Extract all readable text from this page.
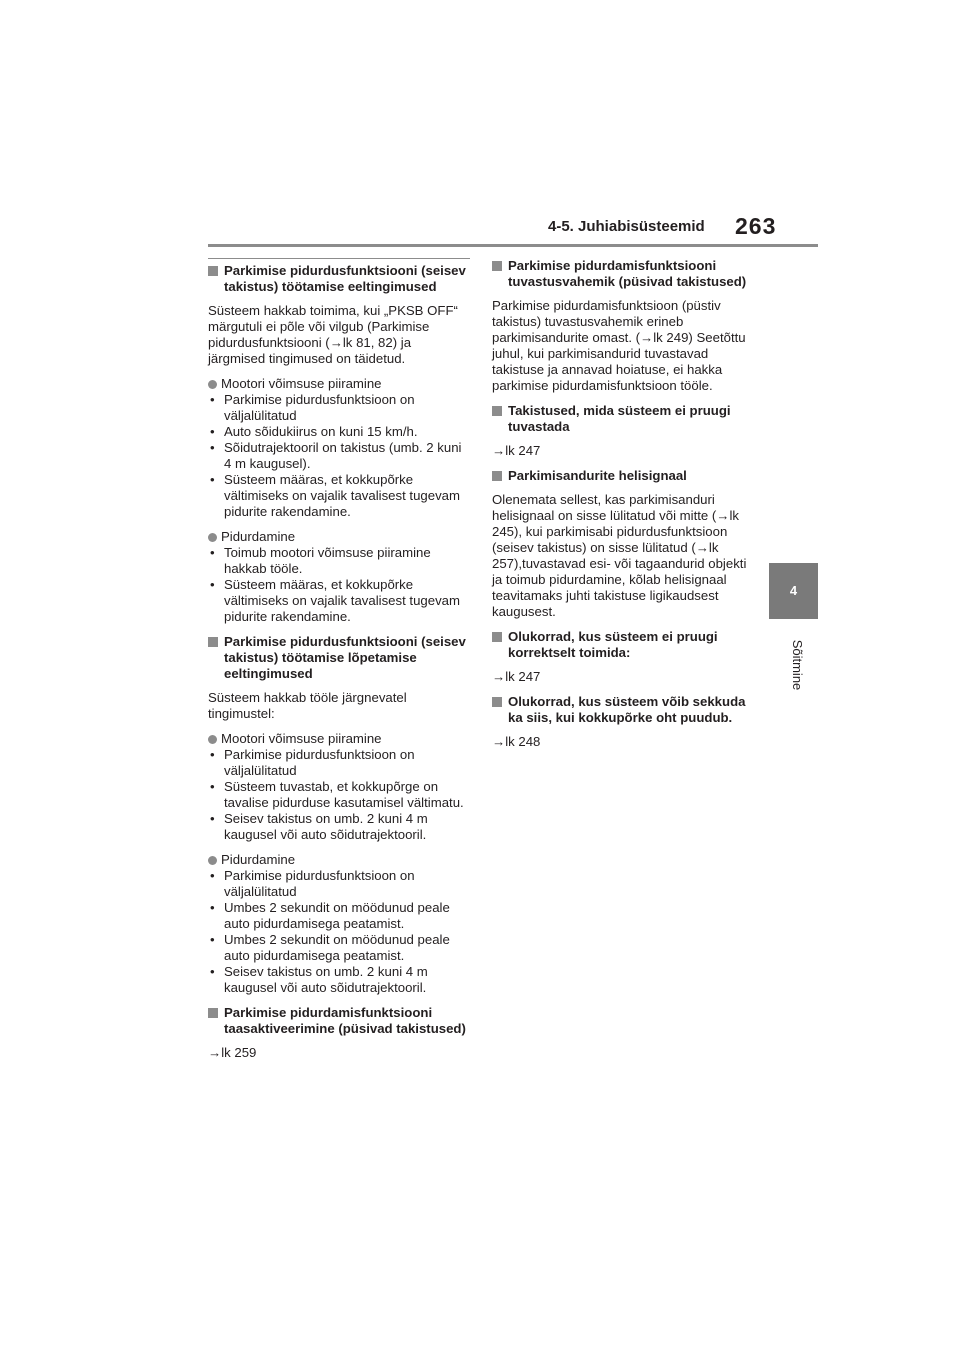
4-5. Juhiabisüsteemid 263
4
Sõitmine
Parkimise pidurdusfunktsiooni (seisev takistus) töötamise eeltingimused
Süsteem hakkab toimima, kui „PKSB OFF“ märgutuli ei põle või vilgub (Parkimise pidurdusfunktsiooni (→lk 81, 82) ja järgmised tingimused on täidetud.
Mootori võimsuse piiramine
• Parkimise pidurdusfunktsioon on väljalülitatud
• Auto sõidukiirus on kuni 15 km/h.
• Sõidutrajektooril on takistus (umb. 2 kuni 4 m kaugusel).
• Süsteem määras, et kokkupõrke vältimiseks on vajalik tavalisest tugevam pidurite rakendamine.
Pidurdamine
• Toimub mootori võimsuse piiramine hakkab tööle.
• Süsteem määras, et kokkupõrke vältimiseks on vajalik tavalisest tugevam pidurite rakendamine.
Parkimise pidurdusfunktsiooni (seisev takistus) töötamise lõpetamise eeltingimused
Süsteem hakkab tööle järgnevatel tingimustel:
Mootori võimsuse piiramine
• Parkimise pidurdusfunktsioon on väljalülitatud
• Süsteem tuvastab, et kokkupõrge on tavalise pidurduse kasutamisel vältimatu.
• Seisev takistus on umb. 2 kuni 4 m kaugusel või auto sõidutrajektooril.
Pidurdamine
• Parkimise pidurdusfunktsioon on väljalülitatud
• Umbes 2 sekundit on möödunud peale auto pidurdamisega peatamist.
• Umbes 2 sekundit on möödunud peale auto pidurdamisega peatamist.
• Seisev takistus on umb. 2 kuni 4 m kaugusel või auto sõidutrajektooril.
Parkimise pidurdamisfunktsiooni taasaktiveerimine (püsivad takistused)
→lk 259
Parkimise pidurdamisfunktsiooni tuvastusvahemik (püsivad takistused)
Parkimise pidurdamisfunktsioon (püstiv takistus) tuvastusvahemik erineb parkimisandurite omast. (→lk 249) Seetõttu juhul, kui parkimisandurid tuvastavad takistuse ja annavad hoiatuse, ei hakka parkimise pidurdamisfunktsioon tööle.
Takistused, mida süsteem ei pruugi tuvastada
→lk 247
Parkimisandurite helisignaal
Olenemata sellest, kas parkimisanduri helisignaal on sisse lülitatud või mitte (→lk 245), kui parkimisabi pidurdusfunktsioon (seisev takistus) on sisse lülitatud (→lk 257),tuvastavad esi- või tagaandurid objekti ja toimub pidurdamine, kõlab helisignaal teavitamaks juhti takistuse ligikaudsest kaugusest.
Olukorrad, kus süsteem ei pruugi korrektselt toimida:
→lk 247
Olukorrad, kus süsteem võib sekkuda ka siis, kui kokkupõrke oht puudub.
→lk 248
